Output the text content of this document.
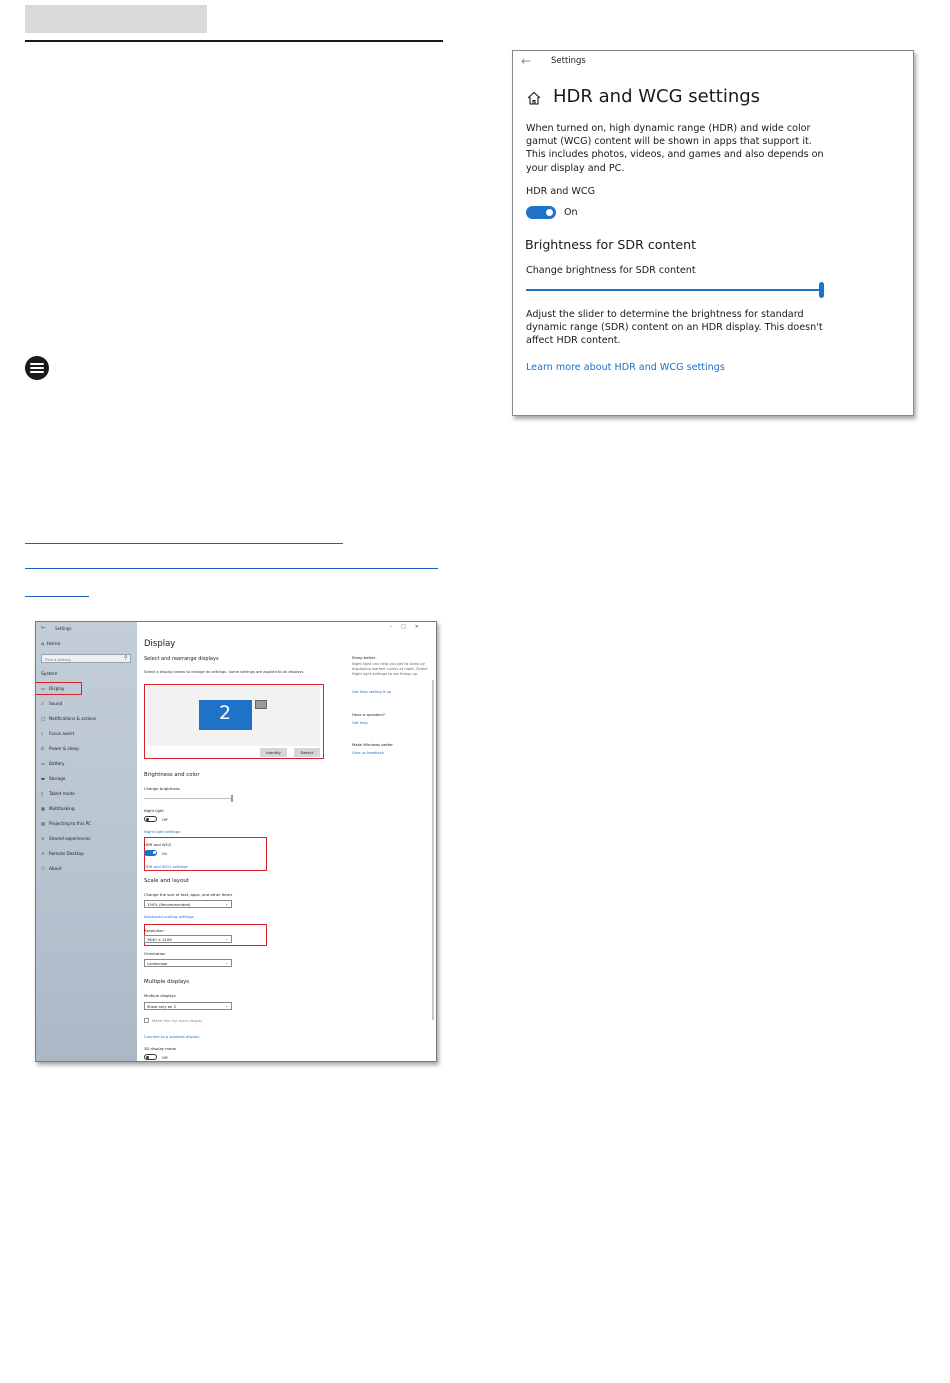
← Settings
HDR and WCG settings
When turned on, high dynamic range (HDR) and wide color gamut (WCG) content will be shown in apps that support it. This includes photos, videos, and games and also depends on your display and PC.
HDR and WCG
On
Brightness for SDR content
Change brightness for SDR content
Adjust the slider to determine the brightness for standard dynamic range (SDR) content on an HDR display. This doesn't affect HDR content.
Learn more about HDR and WCG settings
← Settings
⌂ Home
Find a setting	⚲
System
▭ Display
♪ Sound
□ Notifications & actions
☾ Focus assist
⏻ Power & sleep
▭ Battery
▬ Storage
▯ Tablet mode
▦ Multitasking
▧ Projecting to this PC
✕ Shared experiences
↗ Remote Desktop
ⓘ About
–□✕
Display
Select and rearrange displays
Select a display below to change its settings. Some settings are applied to all displays.
2
Identify	Detect
Brightness and color
Change brightness
Night light
Off
Night light settings
HDR and WCG
On
HDR and WCG settings
Scale and layout
Change the size of text, apps, and other items
150% (Recommended)	⌄
Advanced scaling settings
Resolution
3840 × 2160	⌄
Orientation
Landscape	⌄
Multiple displays
Multiple displays
Show only on 2	⌄
Make this my main display
Connect to a wireless display
3D display mode
Off
Sleep better
Night light can help you get to sleep by displaying warmer colors at night. Select Night light settings to set things up.
Get help setting it up
Have a question?
Get help
Make Windows better
Give us feedback
